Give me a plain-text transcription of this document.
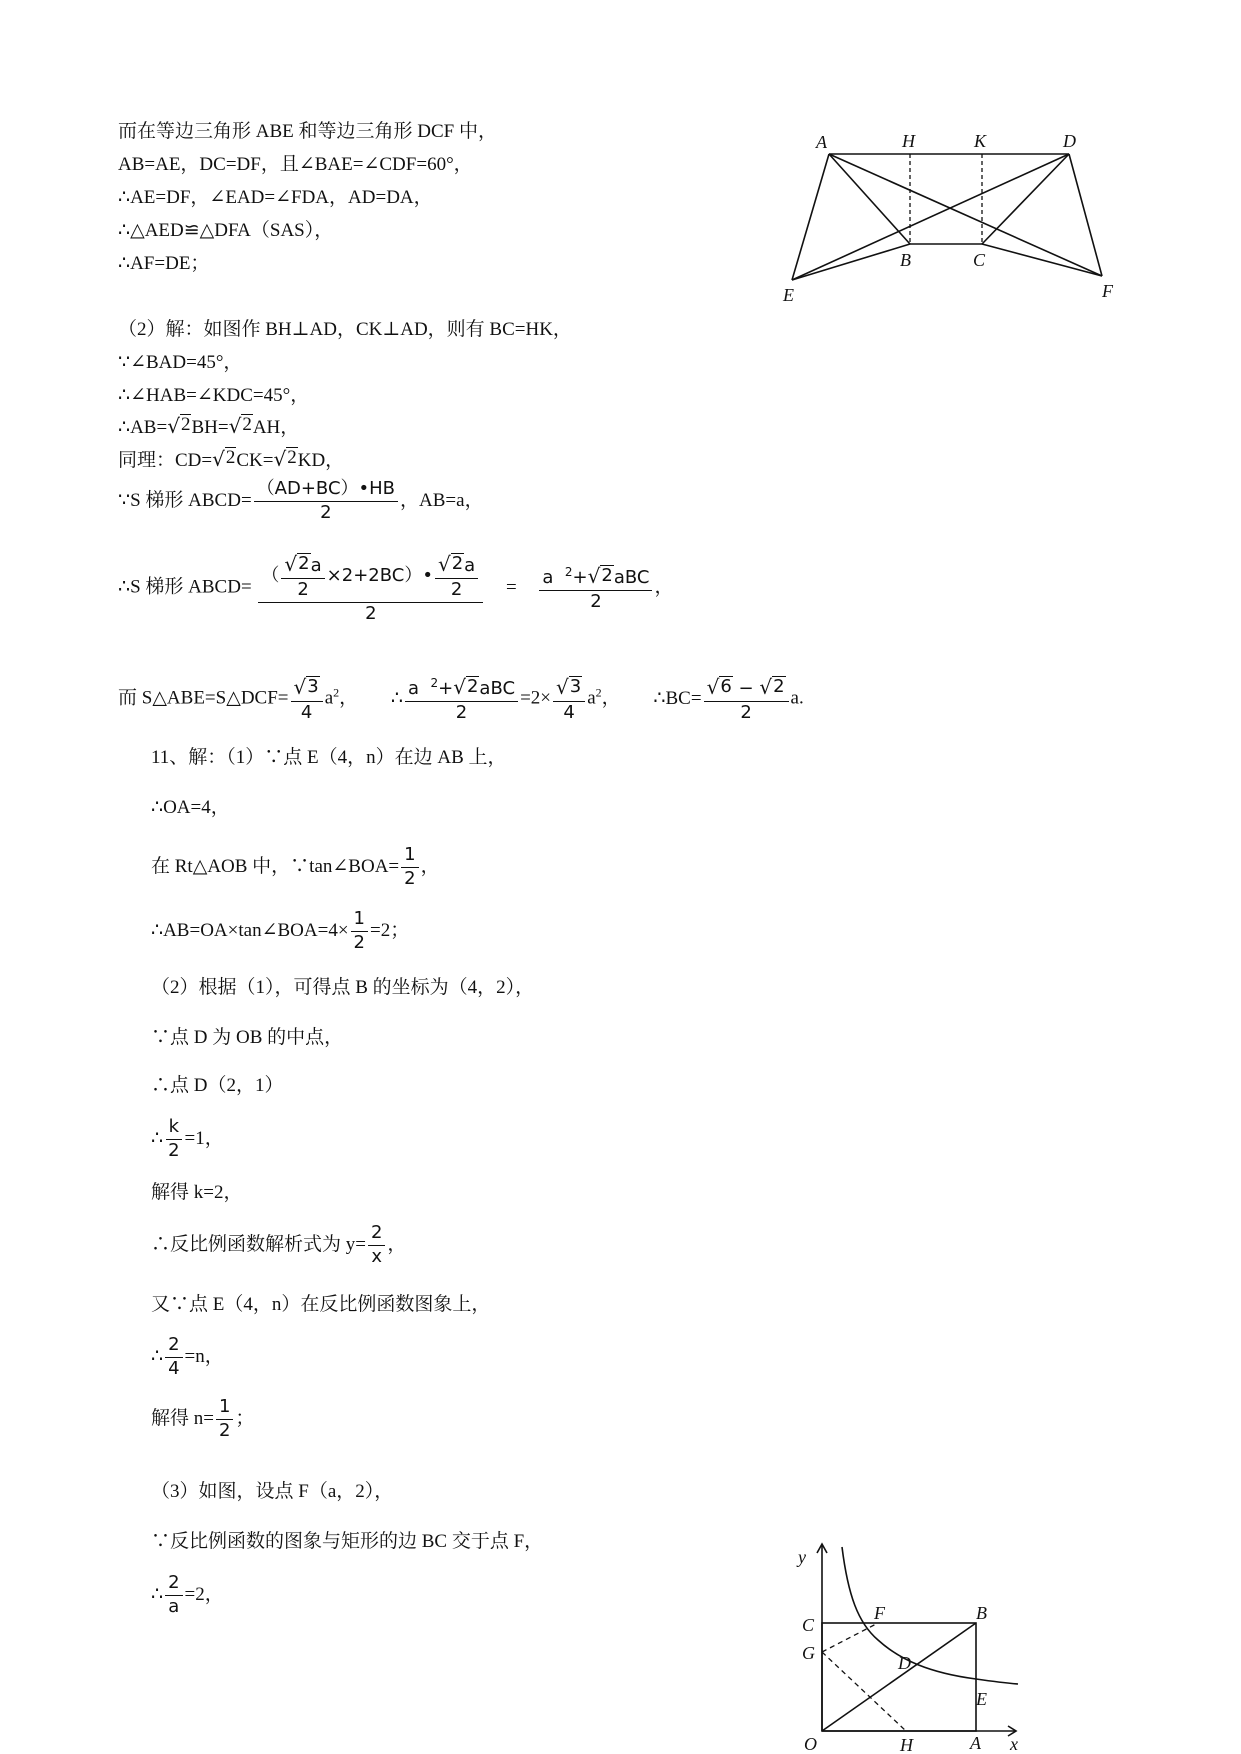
而在等边三角形 ABE 和等边三角形 DCF 中，
AB=AE，DC=DF，且∠BAE=∠CDF=60°，
∴AE=DF，∠EAD=∠FDA，AD=DA，
∴△AED≌△DFA（SAS），
∴AF=DE；
A	H	K	D
B	C
E	F
（2）解：如图作 BH⊥AD，CK⊥AD，则有 BC=HK，
∵∠BAD=45°，
∴∠HAB=∠KDC=45°，
∴AB= √ 2 BH= √ 2 AH，
同理：CD= √ 2 CK= √ 2 KD，
∵S 梯形 ABCD= $\frac{(AD+BC)•HB}{2}$ ，AB=a，
∴S 梯形 ABCD= $\frac{( \frac{√ 2 a}{2} \times 2+2BC)• \frac{√ 2 a}{2}}{2} = \frac{a ^2+ √ 2 aBC}{2}$ ，
而 S△ABE=S△DCF= $\frac{√ 3}{4} a^2$， ∴ $\frac{a ^2+ √ 2 aBC}{2} =2\times \frac{√ 3}{4} a^2$， ∴BC= $\frac{√ 6 - √ 2}{2} a$.
11、解：（1）∵点 E（4，n）在边 AB 上，
∴OA=4，
在 Rt△AOB 中，∵tan∠BOA= $\frac{1}{2}$ ，
∴AB=OA×tan∠BOA=4× $\frac{1}{2} =2$；
（2）根据（1），可得点 B 的坐标为（4，2），
∵点 D 为 OB 的中点，
∴点 D（2，1）
∴ $\frac{k}{2} =1$，
解得 k=2，
∴反比例函数解析式为 $y= \frac{2}{x}$ ，
又∵点 E（4，n）在反比例函数图象上，
∴ $\frac{2}{4} =n$，
解得 $n= \frac{1}{2}$ ；
（3）如图，设点 F（a，2），
∵反比例函数的图象与矩形的边 BC 交于点 F，
∴ $\frac{2}{a} =2$，
y
C
F	B
D
G
E
O	H	A x
